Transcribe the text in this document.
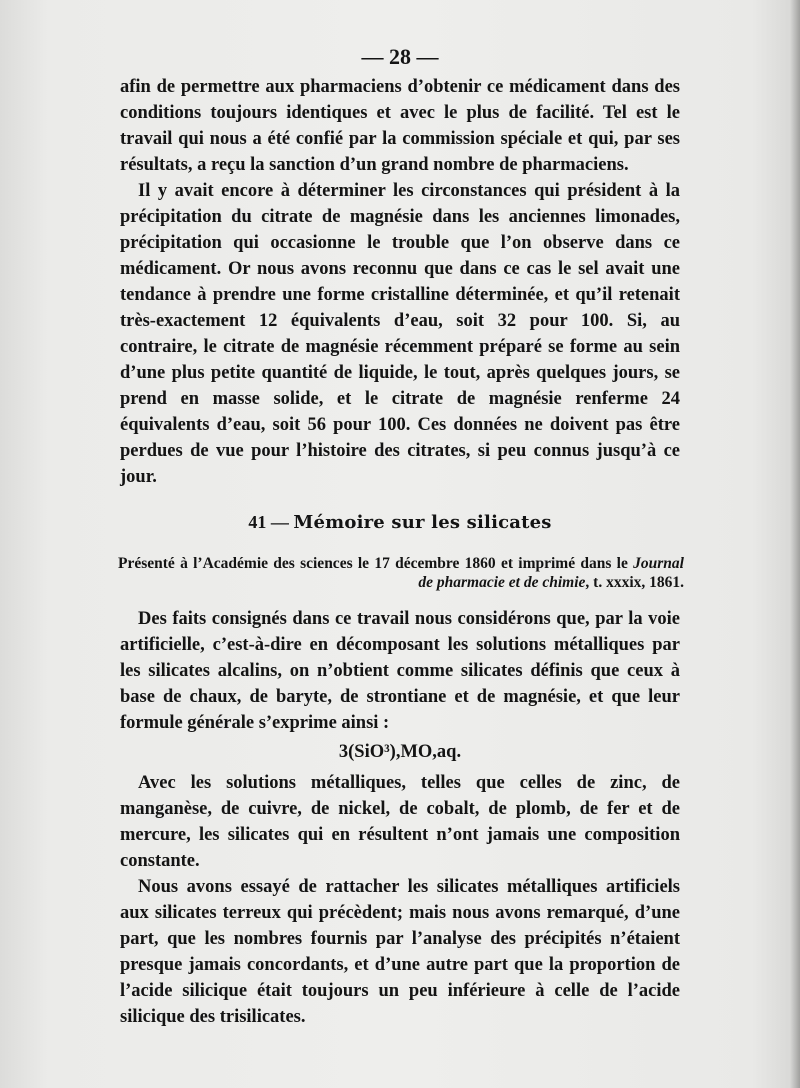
— 28 —

afin de permettre aux pharmaciens d’obtenir ce médicament dans des conditions toujours identiques et avec le plus de facilité. Tel est le travail qui nous a été confié par la commission spéciale et qui, par ses résultats, a reçu la sanction d’un grand nombre de pharmaciens.

Il y avait encore à déterminer les circonstances qui président à la précipitation du citrate de magnésie dans les anciennes limonades, précipitation qui occasionne le trouble que l’on observe dans ce médicament. Or nous avons reconnu que dans ce cas le sel avait une tendance à prendre une forme cristalline déterminée, et qu’il retenait très-exactement 12 équivalents d’eau, soit 32 pour 100. Si, au contraire, le citrate de magnésie récemment préparé se forme au sein d’une plus petite quantité de liquide, le tout, après quelques jours, se prend en masse solide, et le citrate de magnésie renferme 24 équivalents d’eau, soit 56 pour 100. Ces données ne doivent pas être perdues de vue pour l’histoire des citrates, si peu connus jusqu’à ce jour.

41 — Mémoire sur les silicates
Présenté à l’Académie des sciences le 17 décembre 1860 et imprimé dans le Journal
de pharmacie et de chimie, t. xxxix, 1861.

Des faits consignés dans ce travail nous considérons que, par la voie artificielle, c’est-à-dire en décomposant les solutions métalliques par les silicates alcalins, on n’obtient comme silicates définis que ceux à base de chaux, de baryte, de strontiane et de magnésie, et que leur formule générale s’exprime ainsi :

3(SiO³),MO,aq.

Avec les solutions métalliques, telles que celles de zinc, de manganèse, de cuivre, de nickel, de cobalt, de plomb, de fer et de mercure, les silicates qui en résultent n’ont jamais une composition constante.

Nous avons essayé de rattacher les silicates métalliques artificiels aux silicates terreux qui précèdent; mais nous avons remarqué, d’une part, que les nombres fournis par l’analyse des précipités n’étaient presque jamais concordants, et d’une autre part que la proportion de l’acide silicique était toujours un peu inférieure à celle de l’acide silicique des trisilicates.
